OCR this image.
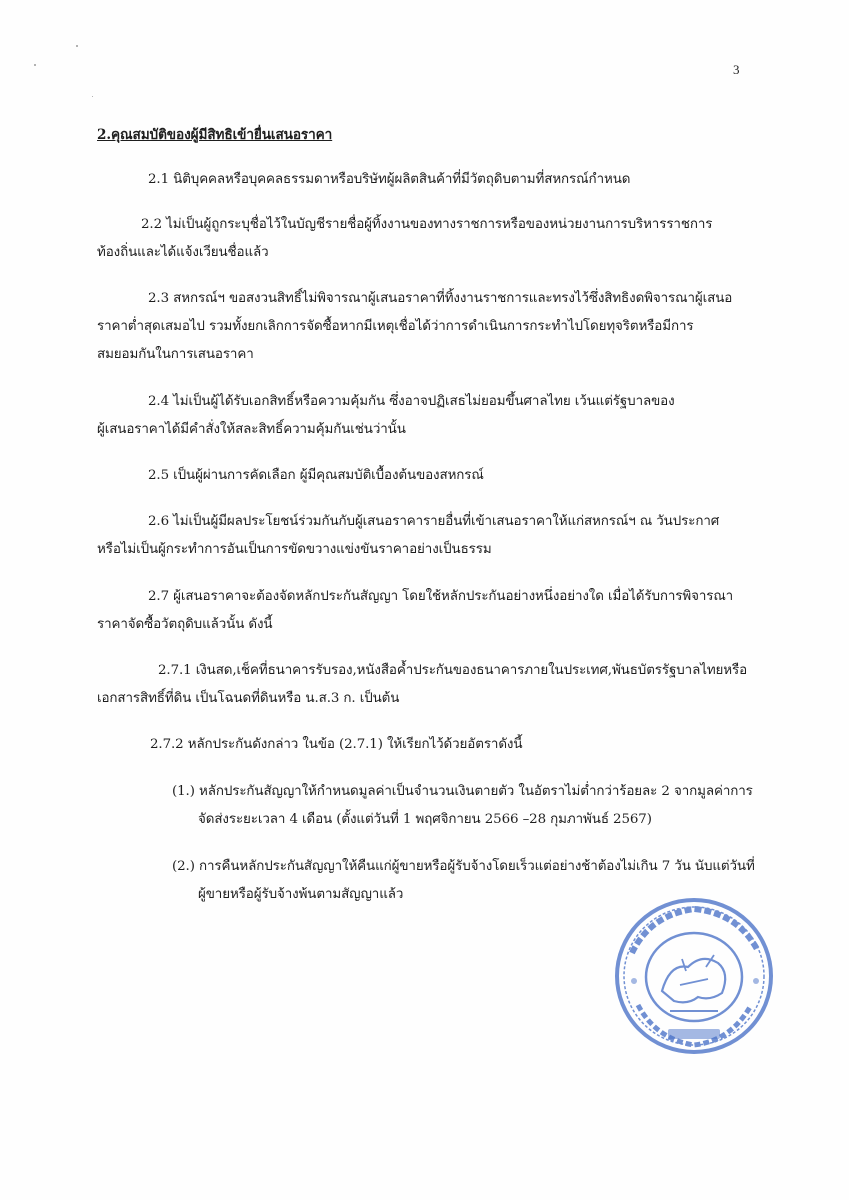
3
2.คุณสมบัติของผู้มีสิทธิเข้ายื่นเสนอราคา
2.1 นิติบุคคลหรือบุคคลธรรมดาหรือบริษัทผู้ผลิตสินค้าที่มีวัตถุดิบตามที่สหกรณ์กำหนด
2.2 ไม่เป็นผู้ถูกระบุชื่อไว้ในบัญชีรายชื่อผู้ทิ้งงานของทางราชการหรือของหน่วยงานการบริหารราชการ
ท้องถิ่นและได้แจ้งเวียนชื่อแล้ว
2.3 สหกรณ์ฯ ขอสงวนสิทธิ์ไม่พิจารณาผู้เสนอราคาที่ทิ้งงานราชการและทรงไว้ซึ่งสิทธิงดพิจารณาผู้เสนอ
ราคาต่ำสุดเสมอไป รวมทั้งยกเลิกการจัดซื้อหากมีเหตุเชื่อได้ว่าการดำเนินการกระทำไปโดยทุจริตหรือมีการ
สมยอมกันในการเสนอราคา
2.4 ไม่เป็นผู้ได้รับเอกสิทธิ์หรือความคุ้มกัน ซึ่งอาจปฏิเสธไม่ยอมขึ้นศาลไทย เว้นแต่รัฐบาลของ
ผู้เสนอราคาได้มีคำสั่งให้สละสิทธิ์ความคุ้มกันเช่นว่านั้น
2.5 เป็นผู้ผ่านการคัดเลือก ผู้มีคุณสมบัติเบื้องต้นของสหกรณ์
2.6 ไม่เป็นผู้มีผลประโยชน์ร่วมกันกับผู้เสนอราคารายอื่นที่เข้าเสนอราคาให้แก่สหกรณ์ฯ ณ วันประกาศ
หรือไม่เป็นผู้กระทำการอันเป็นการขัดขวางแข่งขันราคาอย่างเป็นธรรม
2.7 ผู้เสนอราคาจะต้องจัดหลักประกันสัญญา โดยใช้หลักประกันอย่างหนึ่งอย่างใด เมื่อได้รับการพิจารณา
ราคาจัดซื้อวัตถุดิบแล้วนั้น ดังนี้
2.7.1 เงินสด,เช็คที่ธนาคารรับรอง,หนังสือค้ำประกันของธนาคารภายในประเทศ,พันธบัตรรัฐบาลไทยหรือ
เอกสารสิทธิ์ที่ดิน เป็นโฉนดที่ดินหรือ น.ส.3 ก. เป็นต้น
2.7.2 หลักประกันดังกล่าว ในข้อ (2.7.1) ให้เรียกไว้ด้วยอัตราดังนี้
(1.) หลักประกันสัญญาให้กำหนดมูลค่าเป็นจำนวนเงินตายตัว ในอัตราไม่ต่ำกว่าร้อยละ 2 จากมูลค่าการ
จัดส่งระยะเวลา 4 เดือน (ตั้งแต่วันที่ 1 พฤศจิกายน 2566 –28 กุมภาพันธ์ 2567)
(2.) การคืนหลักประกันสัญญาให้คืนแก่ผู้ขายหรือผู้รับจ้างโดยเร็วแต่อย่างช้าต้องไม่เกิน 7 วัน นับแต่วันที่
ผู้ขายหรือผู้รับจ้างพ้นตามสัญญาแล้ว
